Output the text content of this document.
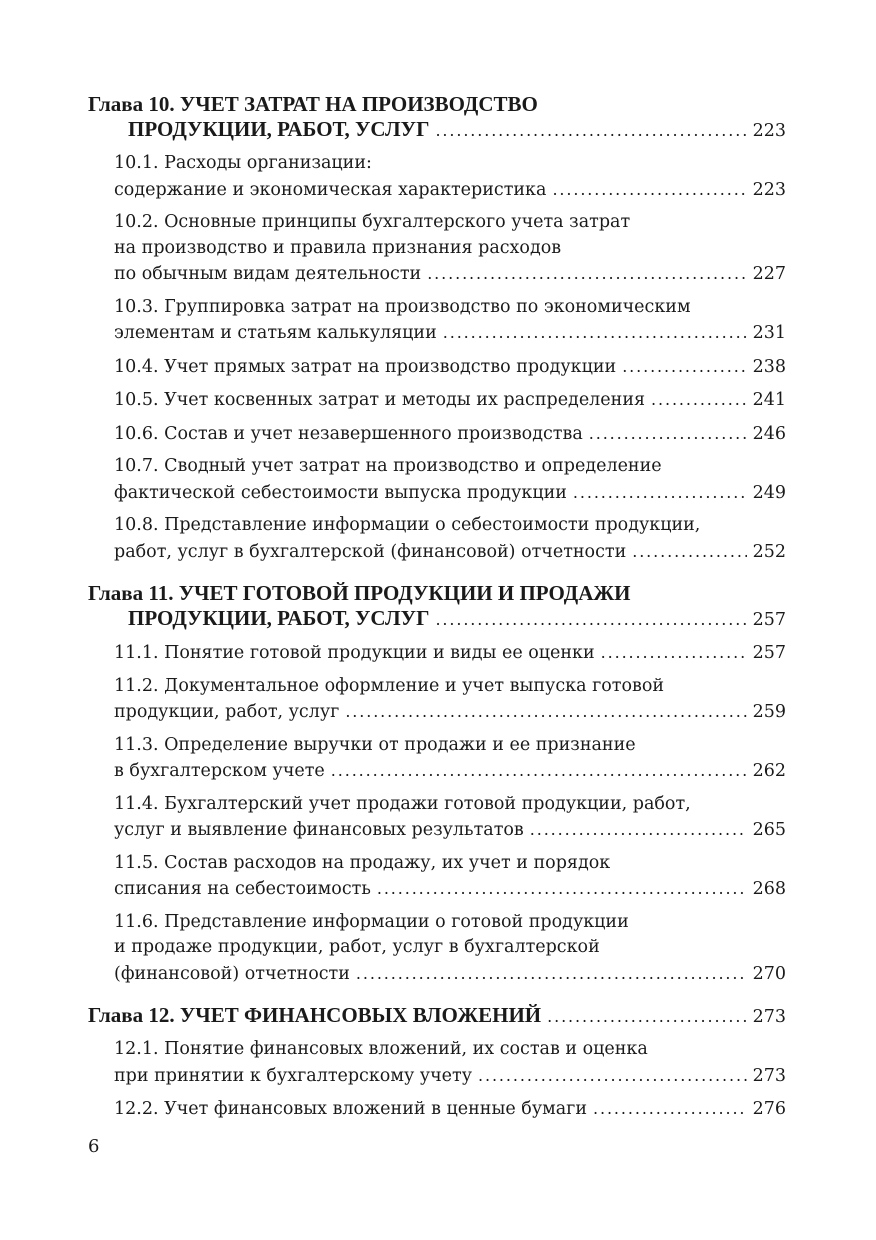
Глава 10. УЧЕТ ЗАТРАТ НА ПРОИЗВОДСТВО
ПРОДУКЦИИ, РАБОТ, УСЛУГ . . .	223
10.1. Расходы организации:
содержание и экономическая характеристика . . .	223
10.2. Основные принципы бухгалтерского учета затрат
на производство и правила признания расходов
по обычным видам деятельности . . .	227
10.3. Группировка затрат на производство по экономическим
элементам и статьям калькуляции . . .	231
10.4. Учет прямых затрат на производство продукции . . .	238
10.5. Учет косвенных затрат и методы их распределения . . .	241
10.6. Состав и учет незавершенного производства . . .	246
10.7. Сводный учет затрат на производство и определение
фактической себестоимости выпуска продукции . . .	249
10.8. Представление информации о себестоимости продукции,
работ, услуг в бухгалтерской (финансовой) отчетности . . .	252
Глава 11. УЧЕТ ГОТОВОЙ ПРОДУКЦИИ И ПРОДАЖИ
ПРОДУКЦИИ, РАБОТ, УСЛУГ . . .	257
11.1. Понятие готовой продукции и виды ее оценки . . .	257
11.2. Документальное оформление и учет выпуска готовой
продукции, работ, услуг . . .	259
11.3. Определение выручки от продажи и ее признание
в бухгалтерском учете . . .	262
11.4. Бухгалтерский учет продажи готовой продукции, работ,
услуг и выявление финансовых результатов . . .	265
11.5. Состав расходов на продажу, их учет и порядок
списания на себестоимость . . .	268
11.6. Представление информации о готовой продукции
и продаже продукции, работ, услуг в бухгалтерской
(финансовой) отчетности . . .	270
Глава 12. УЧЕТ ФИНАНСОВЫХ ВЛОЖЕНИЙ . . .	273
12.1. Понятие финансовых вложений, их состав и оценка
при принятии к бухгалтерскому учету . . .	273
12.2. Учет финансовых вложений в ценные бумаги . . .	276
6
